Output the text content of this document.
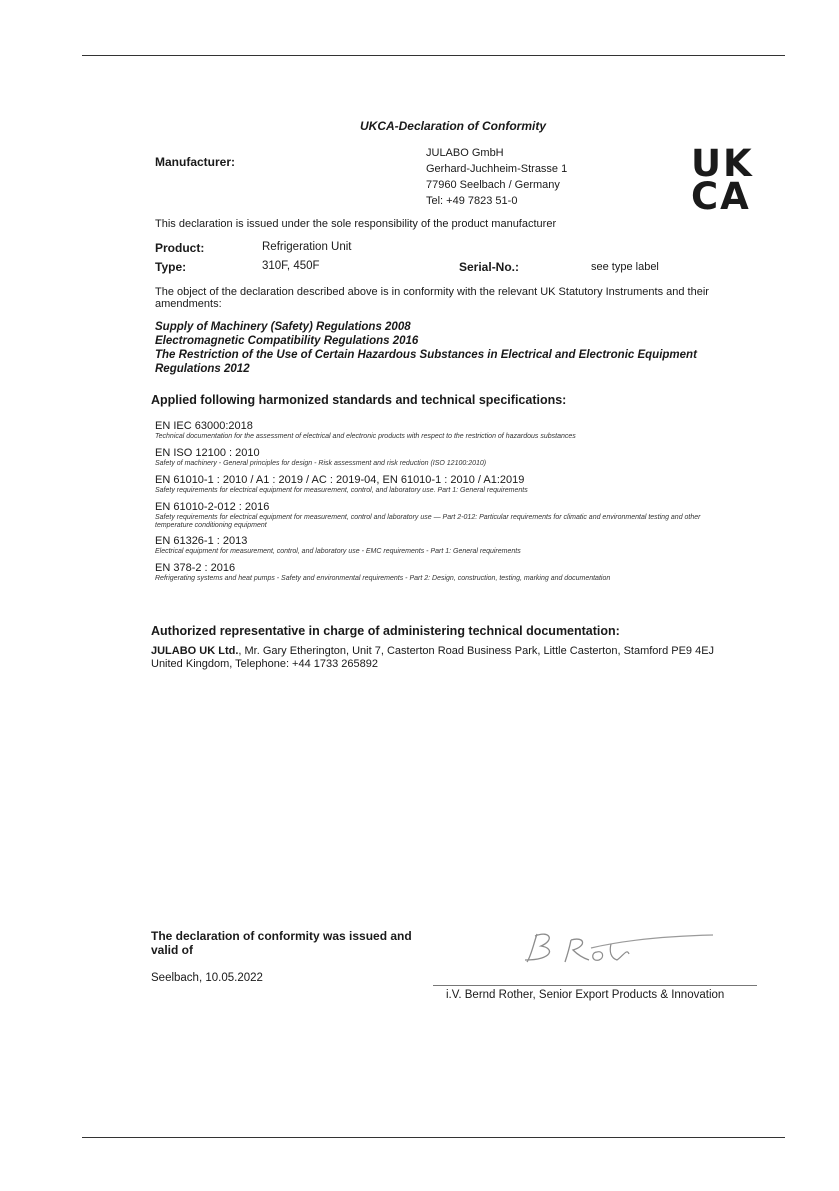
UKCA-Declaration of Conformity
Manufacturer:
JULABO GmbH
Gerhard-Juchheim-Strasse 1
77960 Seelbach / Germany
Tel: +49 7823 51-0
UK
CA
This declaration is issued under the sole responsibility of the product manufacturer
Product:	Refrigeration Unit
Type:	310F, 450F	Serial-No.:	see type label
The object of the declaration described above is in conformity with the relevant UK Statutory Instruments and their
amendments:
Supply of Machinery (Safety) Regulations 2008
Electromagnetic Compatibility Regulations 2016
The Restriction of the Use of Certain Hazardous Substances in Electrical and Electronic Equipment
Regulations 2012
Applied following harmonized standards and technical specifications:
EN IEC 63000:2018
Technical documentation for the assessment of electrical and electronic products with respect to the restriction of hazardous substances
EN ISO 12100 : 2010
Safety of machinery - General principles for design - Risk assessment and risk reduction (ISO 12100:2010)
EN 61010-1 : 2010 / A1 : 2019 / AC : 2019-04, EN 61010-1 : 2010 / A1:2019
Safety requirements for electrical equipment for measurement, control, and laboratory use. Part 1: General requirements
EN 61010-2-012 : 2016
Safety requirements for electrical equipment for measurement, control and laboratory use — Part 2-012: Particular requirements for climatic and environmental testing and other
temperature conditioning equipment
EN 61326-1 : 2013
Electrical equipment for measurement, control, and laboratory use - EMC requirements - Part 1: General requirements
EN 378-2 : 2016
Refrigerating systems and heat pumps - Safety and environmental requirements - Part 2: Design, construction, testing, marking and documentation
Authorized representative in charge of administering technical documentation:
JULABO UK Ltd., Mr. Gary Etherington, Unit 7, Casterton Road Business Park, Little Casterton, Stamford PE9 4EJ
United Kingdom, Telephone: +44 1733 265892
The declaration of conformity was issued and
valid of
Seelbach, 10.05.2022
i.V. Bernd Rother, Senior Export Products & Innovation
